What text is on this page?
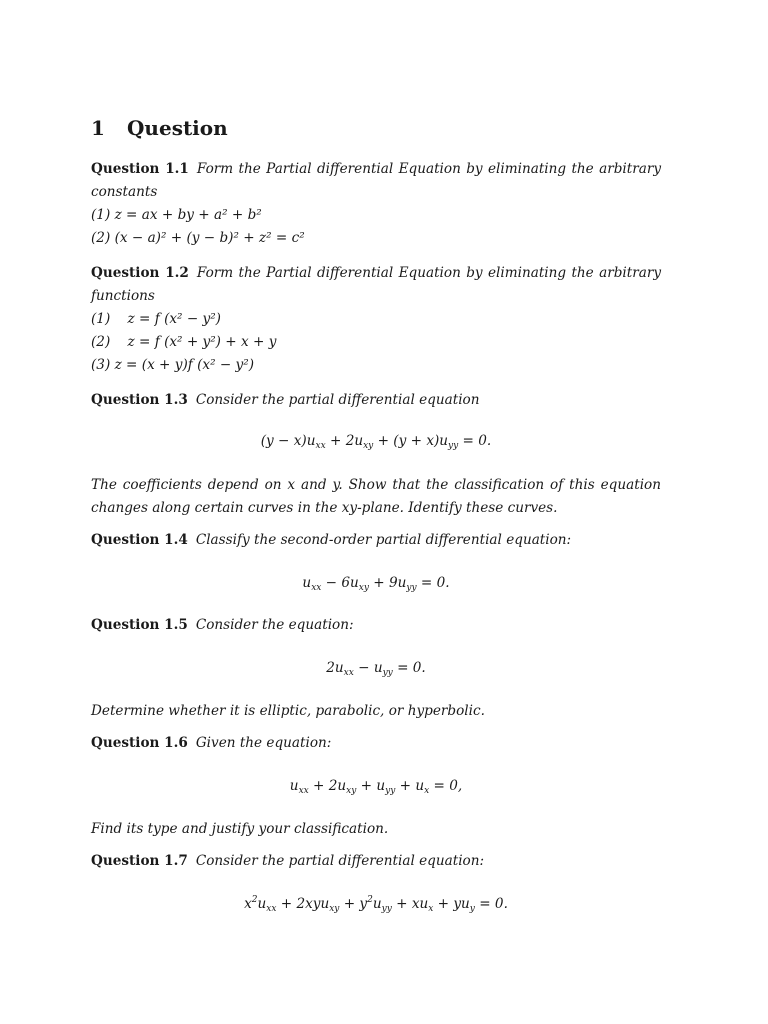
1 Question
Question 1.1 Form the Partial differential Equation by eliminating the arbitrary constants
(1) z = ax + by + a² + b²
(2) (x − a)² + (y − b)² + z² = c²
Question 1.2 Form the Partial differential Equation by eliminating the arbitrary functions
(1)    z = f (x² − y²)
(2)    z = f (x² + y²) + x + y
(3) z = (x + y)f (x² − y²)
Question 1.3 Consider the partial differential equation
$(y - x)u_{xx} + 2u_{xy} + (y + x)u_{yy} = 0$.
The coefficients depend on x and y. Show that the classification of this equation changes along certain curves in the xy-plane. Identify these curves.
Question 1.4 Classify the second-order partial differential equation:
$u_{xx} - 6u_{xy} + 9u_{yy} = 0$.
Question 1.5 Consider the equation:
$2u_{xx} - u_{yy} = 0$.
Determine whether it is elliptic, parabolic, or hyperbolic.
Question 1.6 Given the equation:
$u_{xx} + 2u_{xy} + u_{yy} + u_x = 0$,
Find its type and justify your classification.
Question 1.7 Consider the partial differential equation:
$x^2u_{xx} + 2xyu_{xy} + y^2u_{yy} + xu_x + yu_y = 0$.
